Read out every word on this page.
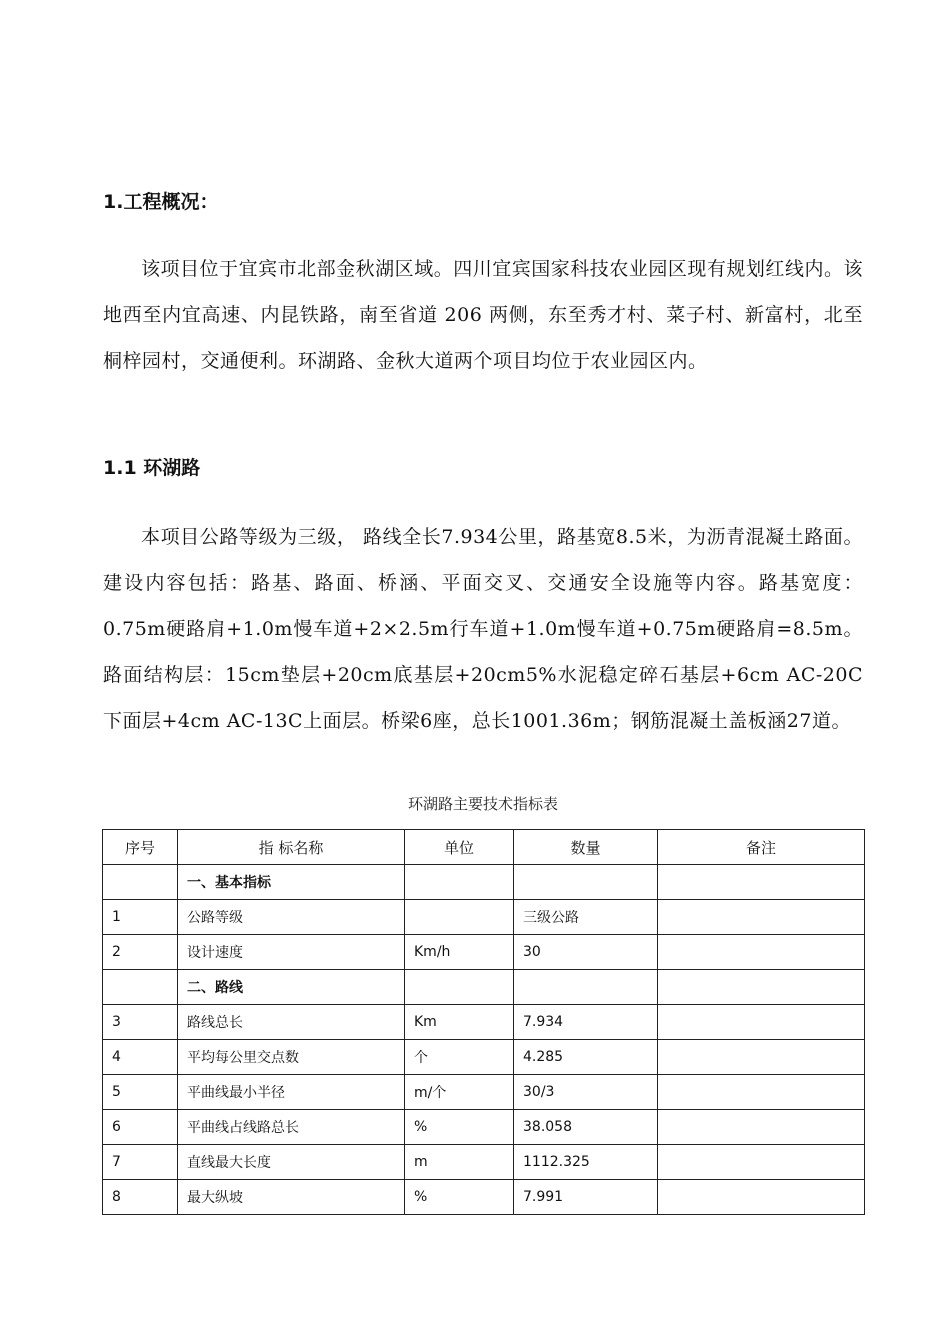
1.工程概况：

该项目位于宜宾市北部金秋湖区域。四川宜宾国家科技农业园区现有规划红线内。该地西至内宜高速、内昆铁路，南至省道 206 两侧，东至秀才村、菜子村、新富村，北至桐梓园村，交通便利。环湖路、金秋大道两个项目均位于农业园区内。

1.1 环湖路

本项目公路等级为三级， 路线全长7.934公里，路基宽8.5米，为沥青混凝土路面。建设内容包括：路基、路面、桥涵、平面交叉、交通安全设施等内容。路基宽度：0.75m硬路肩+1.0m慢车道+2×2.5m行车道+1.0m慢车道+0.75m硬路肩=8.5m。路面结构层：15cm垫层+20cm底基层+20cm5%水泥稳定碎石基层+6cm AC-20C下面层+4cm AC-13C上面层。桥梁6座，总长1001.36m；钢筋混凝土盖板涵27道。

环湖路主要技术指标表
序号	指 标名称	单位	数量	备注
	一、基本指标			
1	公路等级		三级公路	
2	设计速度	Km/h	30	
	二、路线			
3	路线总长	Km	7.934	
4	平均每公里交点数	个	4.285	
5	平曲线最小半径	m/个	30/3	
6	平曲线占线路总长	%	38.058	
7	直线最大长度	m	1112.325	
8	最大纵坡	%	7.991	
